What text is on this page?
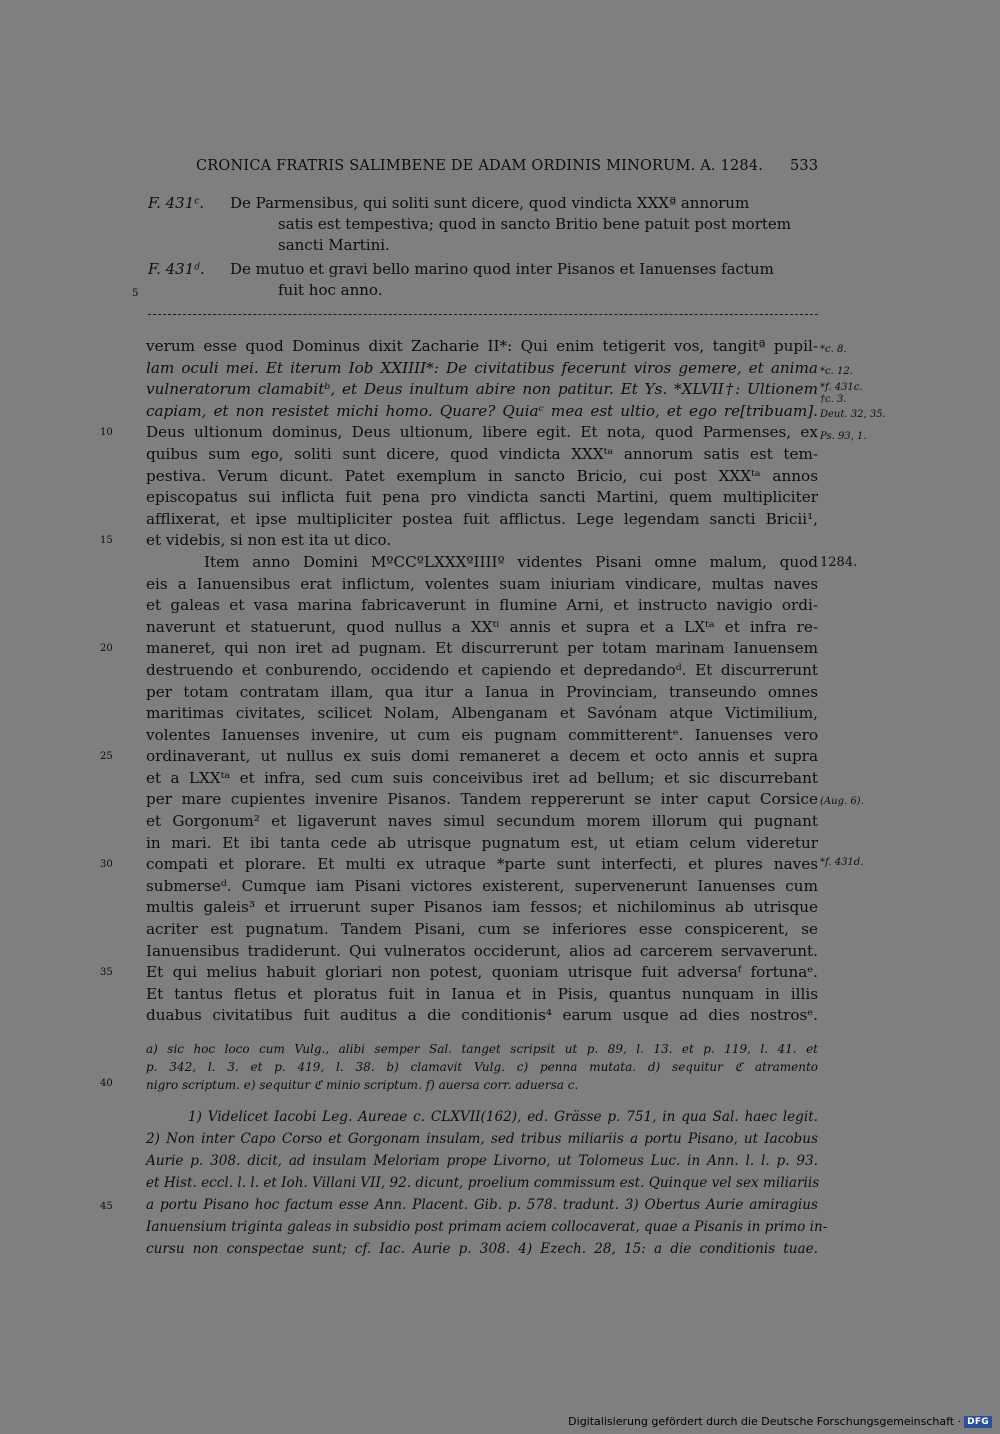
CRONICA FRATRIS SALIMBENE DE ADAM ORDINIS MINORUM. A. 1284. 533
F. 431$^c$.	De Parmensibus, qui soliti sunt dicere, quod vindicta XXXª annorum
satis est tempestiva; quod in sancto Britio bene patuit post mortem
sancti Martini.
F. 431$^d$.	De mutuo et gravi bello marino quod inter Pisanos et Ianuenses factum
fuit hoc anno.
5
verum esse quod Dominus dixit Zacharie II*: Qui enim tetigerit vos, tangitª pupil-
lam oculi mei. Et iterum Iob XXIIII*: De civitatibus fecerunt viros gemere, et anima
vulneratorum clamabitᵇ, et Deus inultum abire non patitur. Et Ys. *XLVII†: Ultionem
capiam, et non resistet michi homo. Quare? Quiaᶜ mea est ultio, et ego re[tribuam].
Deus ultionum dominus, Deus ultionum, libere egit. Et nota, quod Parmenses, ex
quibus sum ego, soliti sunt dicere, quod vindicta XXXᵗᵃ annorum satis est tem-
pestiva. Verum dicunt. Patet exemplum in sancto Bricio, cui post XXXᵗᵃ annos
episcopatus sui inflicta fuit pena pro vindicta sancti Martini, quem multipliciter
afflixerat, et ipse multipliciter postea fuit afflictus. Lege legendam sancti Bricii¹,
et videbis, si non est ita ut dico.
Item anno Domini MºCCºLXXXºIIIIº videntes Pisani omne malum, quod
eis a Ianuensibus erat inflictum, volentes suam iniuriam vindicare, multas naves
et galeas et vasa marina fabricaverunt in flumine Arni, et instructo navigio ordi-
naverunt et statuerunt, quod nullus a XXᵗⁱ annis et supra et a LXᵗᵃ et infra re-
maneret, qui non iret ad pugnam. Et discurrerunt per totam marinam Ianuensem
destruendo et conburendo, occidendo et capiendo et depredandoᵈ. Et discurrerunt
per totam contratam illam, qua itur a Ianua in Provinciam, transeundo omnes
maritimas civitates, scilicet Nolam, Albenganam et Savónam atque Victimilium,
volentes Ianuenses invenire, ut cum eis pugnam committerentᵉ. Ianuenses vero
ordinaverant, ut nullus ex suis domi remaneret a decem et octo annis et supra
et a LXXᵗᵃ et infra, sed cum suis conceivibus iret ad bellum; et sic discurrebant
per mare cupientes invenire Pisanos. Tandem reppererunt se inter caput Corsice
et Gorgonum² et ligaverunt naves simul secundum morem illorum qui pugnant
in mari. Et ibi tanta cede ab utrisque pugnatum est, ut etiam celum videretur
compati et plorare. Et multi ex utraque *parte sunt interfecti, et plures naves
submerseᵈ. Cumque iam Pisani victores existerent, supervenerunt Ianuenses cum
multis galeis³ et irruerunt super Pisanos iam fessos; et nichilominus ab utrisque
acriter est pugnatum. Tandem Pisani, cum se inferiores esse conspicerent, se
Ianuensibus tradiderunt. Qui vulneratos occiderunt, alios ad carcerem servaverunt.
Et qui melius habuit gloriari non potest, quoniam utrisque fuit adversaᶠ fortunaᵉ.
Et tantus fletus et ploratus fuit in Ianua et in Pisis, quantus nunquam in illis
duabus civitatibus fuit auditus a die conditionis⁴ earum usque ad dies nostrosᵉ.
10
15
20
25
30
35
40
45
*c. 8.
*c. 12.
*f. 431c.
†c. 3.
Deut. 32, 35.
Ps. 93, 1.
1284.
(Aug. 6).
*f. 431d.
a) sic hoc loco cum Vulg., alibi semper Sal. tanget scripsit ut p. 89, l. 13. et p. 119, l. 41. et
p. 342, l. 3. et p. 419, l. 38. b) clamavit Vulg. c) penna mutata. d) sequitur ℭ atramento
nigro scriptum. e) sequitur ℭ minio scriptum. f) auersa corr. aduersa c.
1) Videlicet Iacobi Leg. Aureae c. CLXVII(162), ed. Grässe p. 751, in qua Sal. haec legit.
2) Non inter Capo Corso et Gorgonam insulam, sed tribus miliariis a portu Pisano, ut Iacobus
Aurie p. 308. dicit, ad insulam Meloriam prope Livorno, ut Tolomeus Luc. in Ann. l. l. p. 93.
et Hist. eccl. l. l. et Ioh. Villani VII, 92. dicunt, proelium commissum est. Quinque vel sex miliariis
a portu Pisano hoc factum esse Ann. Placent. Gib. p. 578. tradunt. 3) Obertus Aurie amiragius
Ianuensium triginta galeas in subsidio post primam aciem collocaverat, quae a Pisanis in primo in-
cursu non conspectae sunt; cf. Iac. Aurie p. 308. 4) Ezech. 28, 15: a die conditionis tuae.
Digitalisierung gefördert durch die Deutsche Forschungsgemeinschaft · DFG
